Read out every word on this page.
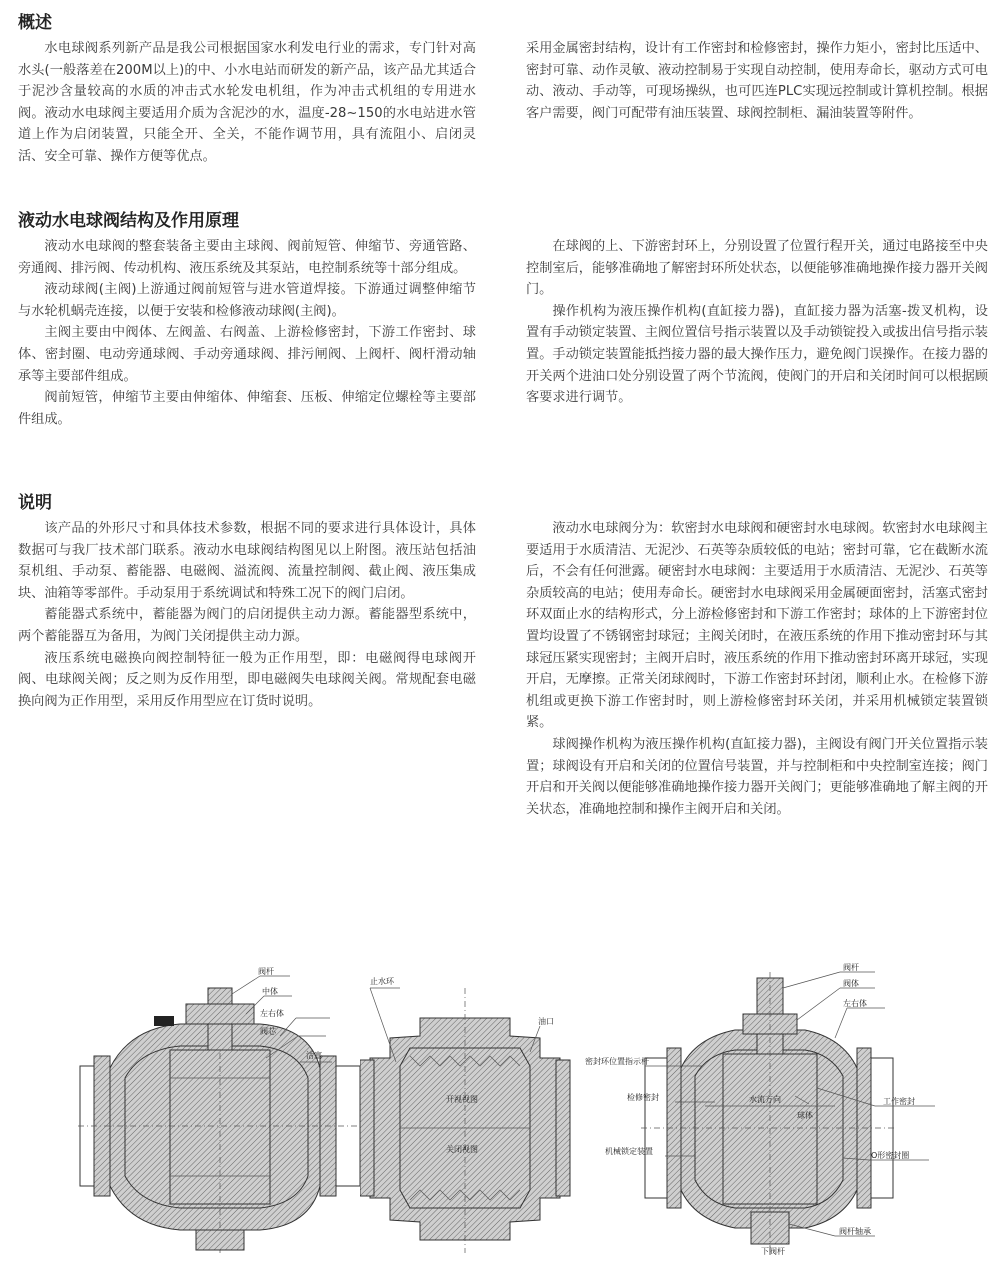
概述

水电球阀系列新产品是我公司根据国家水利发电行业的需求，专门针对高水头(一般落差在200M以上)的中、小水电站而研发的新产品，该产品尤其适合于泥沙含量较高的水质的冲击式水轮发电机组，作为冲击式机组的专用进水阀。液动水电球阀主要适用介质为含泥沙的水，温度-28~150的水电站进水管道上作为启闭装置，只能全开、全关，不能作调节用，具有流阻小、启闭灵活、安全可靠、操作方便等优点。

采用金属密封结构，设计有工作密封和检修密封，操作力矩小，密封比压适中、密封可靠、动作灵敏、液动控制易于实现自动控制，使用寿命长，驱动方式可电动、液动、手动等，可现场操纵，也可匹连PLC实现远控制或计算机控制。根据客户需要，阀门可配带有油压装置、球阀控制柜、漏油装置等附件。

液动水电球阀结构及作用原理

液动水电球阀的整套装备主要由主球阀、阀前短管、伸缩节、旁通管路、旁通阀、排污阀、传动机构、液压系统及其泵站，电控制系统等十部分组成。

液动球阀(主阀)上游通过阀前短管与进水管道焊接。下游通过调整伸缩节与水轮机蜗壳连接，以便于安装和检修液动球阀(主阀)。

主阀主要由中阀体、左阀盖、右阀盖、上游检修密封，下游工作密封、球体、密封圈、电动旁通球阀、手动旁通球阀、排污闸阀、上阀杆、阀杆滑动轴承等主要部件组成。

阀前短管，伸缩节主要由伸缩体、伸缩套、压板、伸缩定位螺栓等主要部件组成。

在球阀的上、下游密封环上，分别设置了位置行程开关，通过电路接至中央控制室后，能够准确地了解密封环所处状态，以便能够准确地操作接力器开关阀门。

操作机构为液压操作机构(直缸接力器)，直缸接力器为活塞-拨叉机构，设置有手动锁定装置、主阀位置信号指示装置以及手动锁锭投入或拔出信号指示装置。手动锁定装置能抵挡接力器的最大操作压力，避免阀门误操作。在接力器的开关两个进油口处分别设置了两个节流阀，使阀门的开启和关闭时间可以根据顾客要求进行调节。

说明

该产品的外形尺寸和具体技术参数，根据不同的要求进行具体设计，具体数据可与我厂技术部门联系。液动水电球阀结构图见以上附图。液压站包括油泵机组、手动泵、蓄能器、电磁阀、溢流阀、流量控制阀、截止阀、液压集成块、油箱等零部件。手动泵用于系统调试和特殊工况下的阀门启闭。

蓄能器式系统中，蓄能器为阀门的启闭提供主动力源。蓄能器型系统中，两个蓄能器互为备用，为阀门关闭提供主动力源。

液压系统电磁换向阀控制特征一般为正作用型，即：电磁阀得电球阀开阀、电球阀关阀；反之则为反作用型，即电磁阀失电球阀关阀。常规配套电磁换向阀为正作用型，采用反作用型应在订货时说明。

液动水电球阀分为：软密封水电球阀和硬密封水电球阀。软密封水电球阀主要适用于水质清洁、无泥沙、石英等杂质较低的电站；密封可靠，它在截断水流后，不会有任何泄露。硬密封水电球阀：主要适用于水质清洁、无泥沙、石英等杂质较高的电站；使用寿命长。硬密封水电球阀采用金属硬面密封，活塞式密封环双面止水的结构形式，分上游检修密封和下游工作密封；球体的上下游密封位置均设置了不锈钢密封球冠；主阀关闭时，在液压系统的作用下推动密封环与其球冠压紧实现密封；主阀开启时，液压系统的作用下推动密封环离开球冠，实现开启，无摩擦。正常关闭球阀时，下游工作密封环封闭，顺利止水。在检修下游机组或更换下游工作密封时，则上游检修密封环关闭，并采用机械锁定装置锁紧。

球阀操作机构为液压操作机构(直缸接力器)，主阀设有阀门开关位置指示装置；球阀设有开启和关闭的位置信号装置，并与控制柜和中央控制室连接；阀门开启和开关阀以便能够准确地操作接力器开关阀门；更能够准确地了解主阀的开关状态，准确地控制和操作主阀开启和关闭。

阀杆
中体
左右体
阀芯
活塞
开视视图
关闭视图
止水环
油口
水流方向
阀杆
阀体
左右体
工作密封
O形密封圈
阀杆轴承
下阀杆
球体
密封环位置指示杆
检修密封
机械锁定装置
